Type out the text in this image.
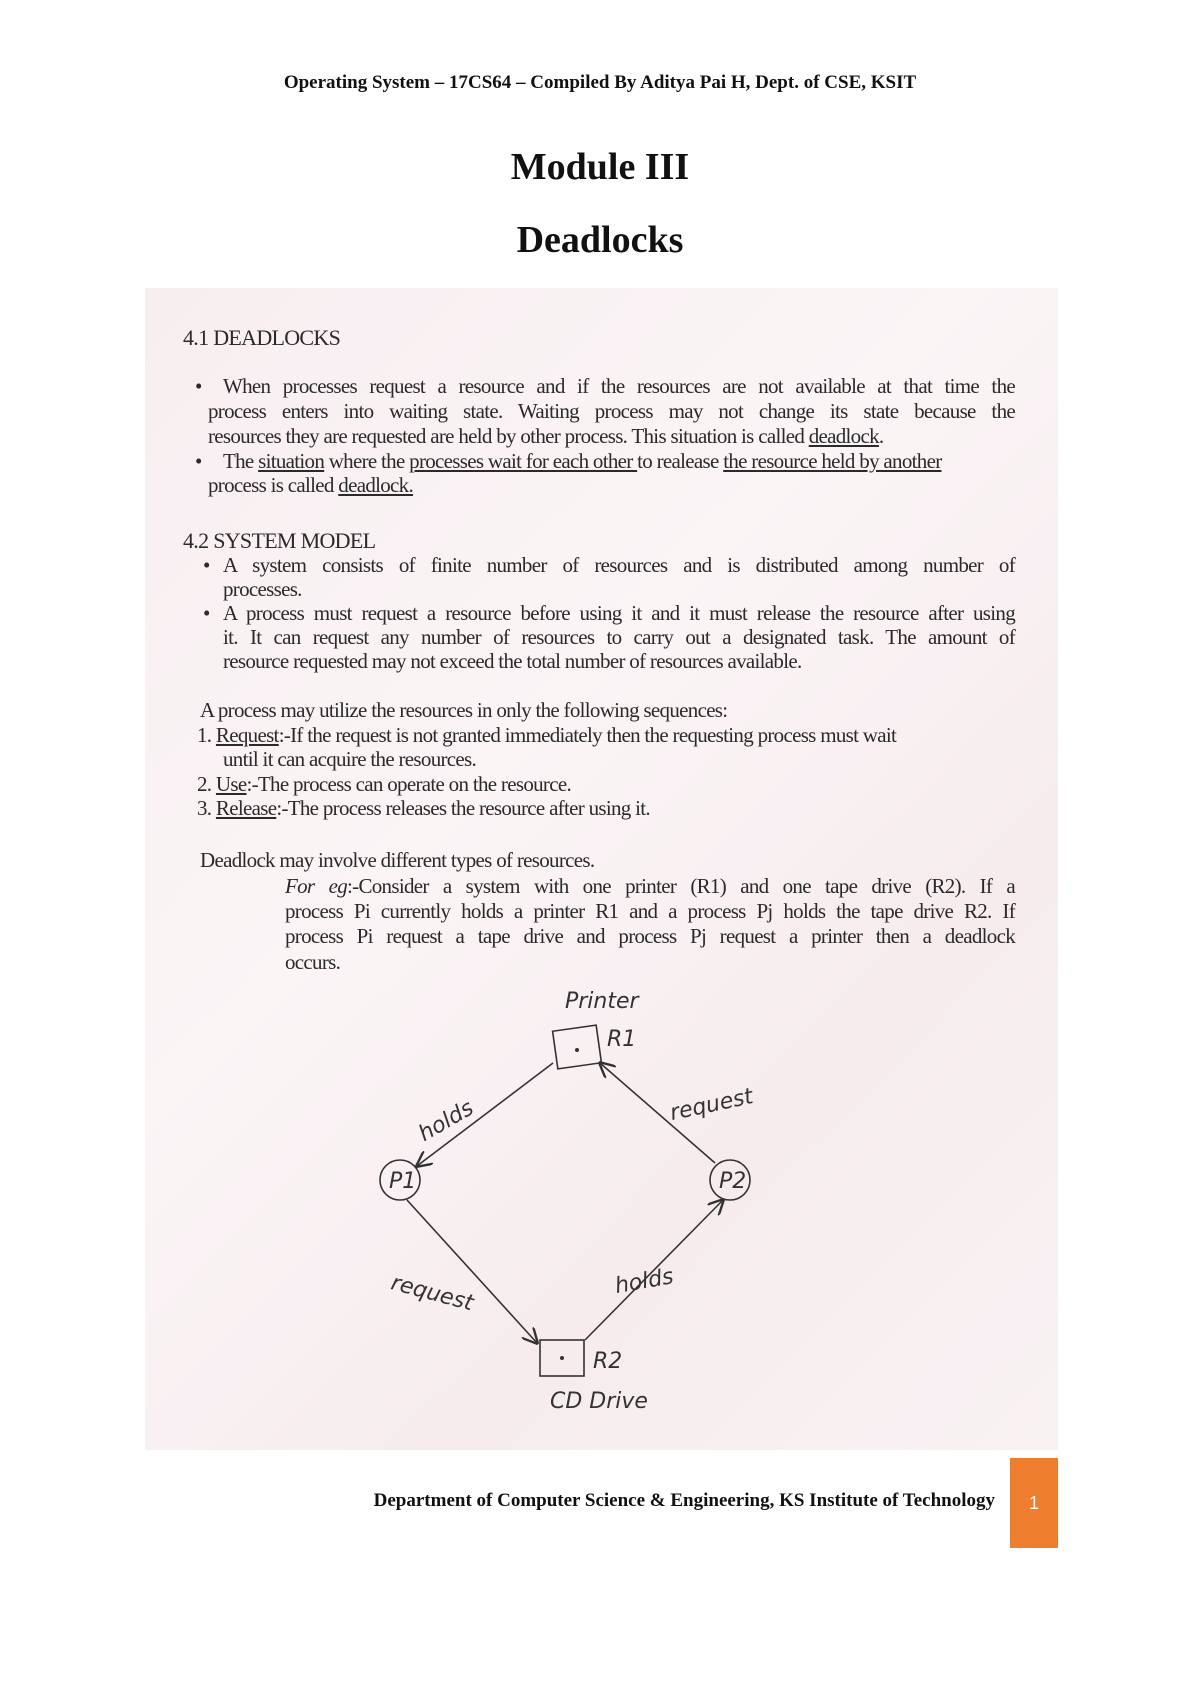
Operating System – 17CS64 – Compiled By Aditya Pai H, Dept. of CSE, KSIT
Module III
Deadlocks
4.1 DEADLOCKS
• When processes request a resource and if the resources are not available at that time the
process enters into waiting state. Waiting process may not change its state because the
resources they are requested are held by other process. This situation is called deadlock.
• The situation where the processes wait for each other to realease the resource held by another
process is called deadlock.
4.2 SYSTEM MODEL
• A system consists of finite number of resources and is distributed among number of
processes.
• A process must request a resource before using it and it must release the resource after using
it. It can request any number of resources to carry out a designated task. The amount of
resource requested may not exceed the total number of resources available.
A process may utilize the resources in only the following sequences:
1. Request:-If the request is not granted immediately then the requesting process must wait
until it can acquire the resources.
2. Use:-The process can operate on the resource.
3. Release:-The process releases the resource after using it.
Deadlock may involve different types of resources.
For eg:-Consider a system with one printer (R1) and one tape drive (R2). If a
process Pi currently holds a printer R1 and a process Pj holds the tape drive R2. If
process Pi request a tape drive and process Pj request a printer then a deadlock
occurs.
Printer
R1
R2
CD Drive
P1	P2
holds	request
request	holds
Department of Computer Science & Engineering, KS Institute of Technology	1
